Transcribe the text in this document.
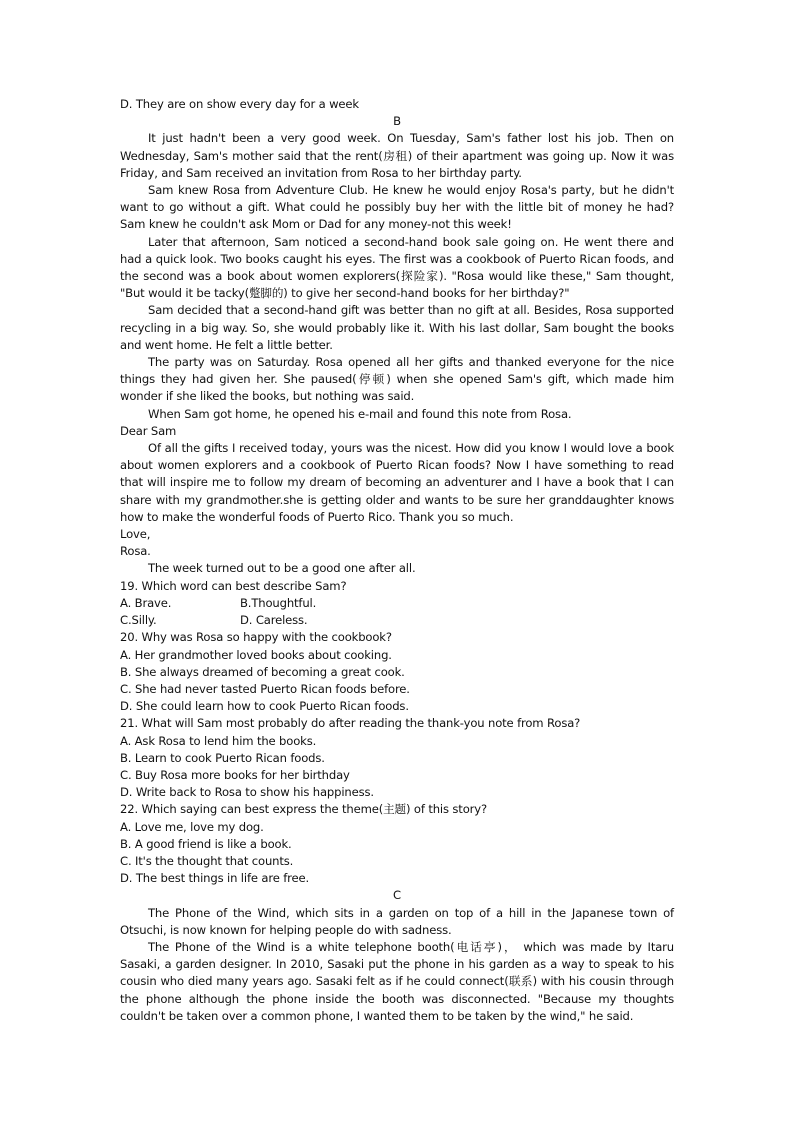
D. They are on show every day for a week

B

It just hadn't been a very good week. On Tuesday, Sam's father lost his job. Then on Wednesday, Sam's mother said that the rent(房租) of their apartment was going up. Now it was Friday, and Sam received an invitation from Rosa to her birthday party.

Sam knew Rosa from Adventure Club. He knew he would enjoy Rosa's party, but he didn't want to go without a gift. What could he possibly buy her with the little bit of money he had? Sam knew he couldn't ask Mom or Dad for any money-not this week!

Later that afternoon, Sam noticed a second-hand book sale going on. He went there and had a quick look. Two books caught his eyes. The first was a cookbook of Puerto Rican foods, and the second was a book about women explorers(探险家). "Rosa would like these," Sam thought, "But would it be tacky(蹩脚的) to give her second-hand books for her birthday?"

Sam decided that a second-hand gift was better than no gift at all. Besides, Rosa supported recycling in a big way. So, she would probably like it. With his last dollar, Sam bought the books and went home. He felt a little better.

The party was on Saturday. Rosa opened all her gifts and thanked everyone for the nice things they had given her. She paused(停顿) when she opened Sam's gift, which made him wonder if she liked the books, but nothing was said.

When Sam got home, he opened his e-mail and found this note from Rosa.

Dear Sam

Of all the gifts I received today, yours was the nicest. How did you know I would love a book about women explorers and a cookbook of Puerto Rican foods? Now I have something to read that will inspire me to follow my dream of becoming an adventurer and I have a book that I can share with my grandmother.she is getting older and wants to be sure her granddaughter knows how to make the wonderful foods of Puerto Rico. Thank you so much.

Love,

Rosa.

The week turned out to be a good one after all.

19. Which word can best describe Sam?

A. Brave.	B.Thoughtful.
C.Silly.	D. Careless.

20. Why was Rosa so happy with the cookbook?

A. Her grandmother loved books about cooking.

B. She always dreamed of becoming a great cook.

C. She had never tasted Puerto Rican foods before.

D. She could learn how to cook Puerto Rican foods.

21. What will Sam most probably do after reading the thank-you note from Rosa?

A. Ask Rosa to lend him the books.

B. Learn to cook Puerto Rican foods.

C. Buy Rosa more books for her birthday

D. Write back to Rosa to show his happiness.

22. Which saying can best express the theme(主题) of this story?

A. Love me, love my dog.

B. A good friend is like a book.

C. It's the thought that counts.

D. The best things in life are free.

C

The Phone of the Wind, which sits in a garden on top of a hill in the Japanese town of Otsuchi, is now known for helping people do with sadness.

The Phone of the Wind is a white telephone booth(电话亭)， which was made by Itaru Sasaki, a garden designer. In 2010, Sasaki put the phone in his garden as a way to speak to his cousin who died many years ago. Sasaki felt as if he could connect(联系) with his cousin through the phone although the phone inside the booth was disconnected. "Because my thoughts couldn't be taken over a common phone, I wanted them to be taken by the wind," he said.
